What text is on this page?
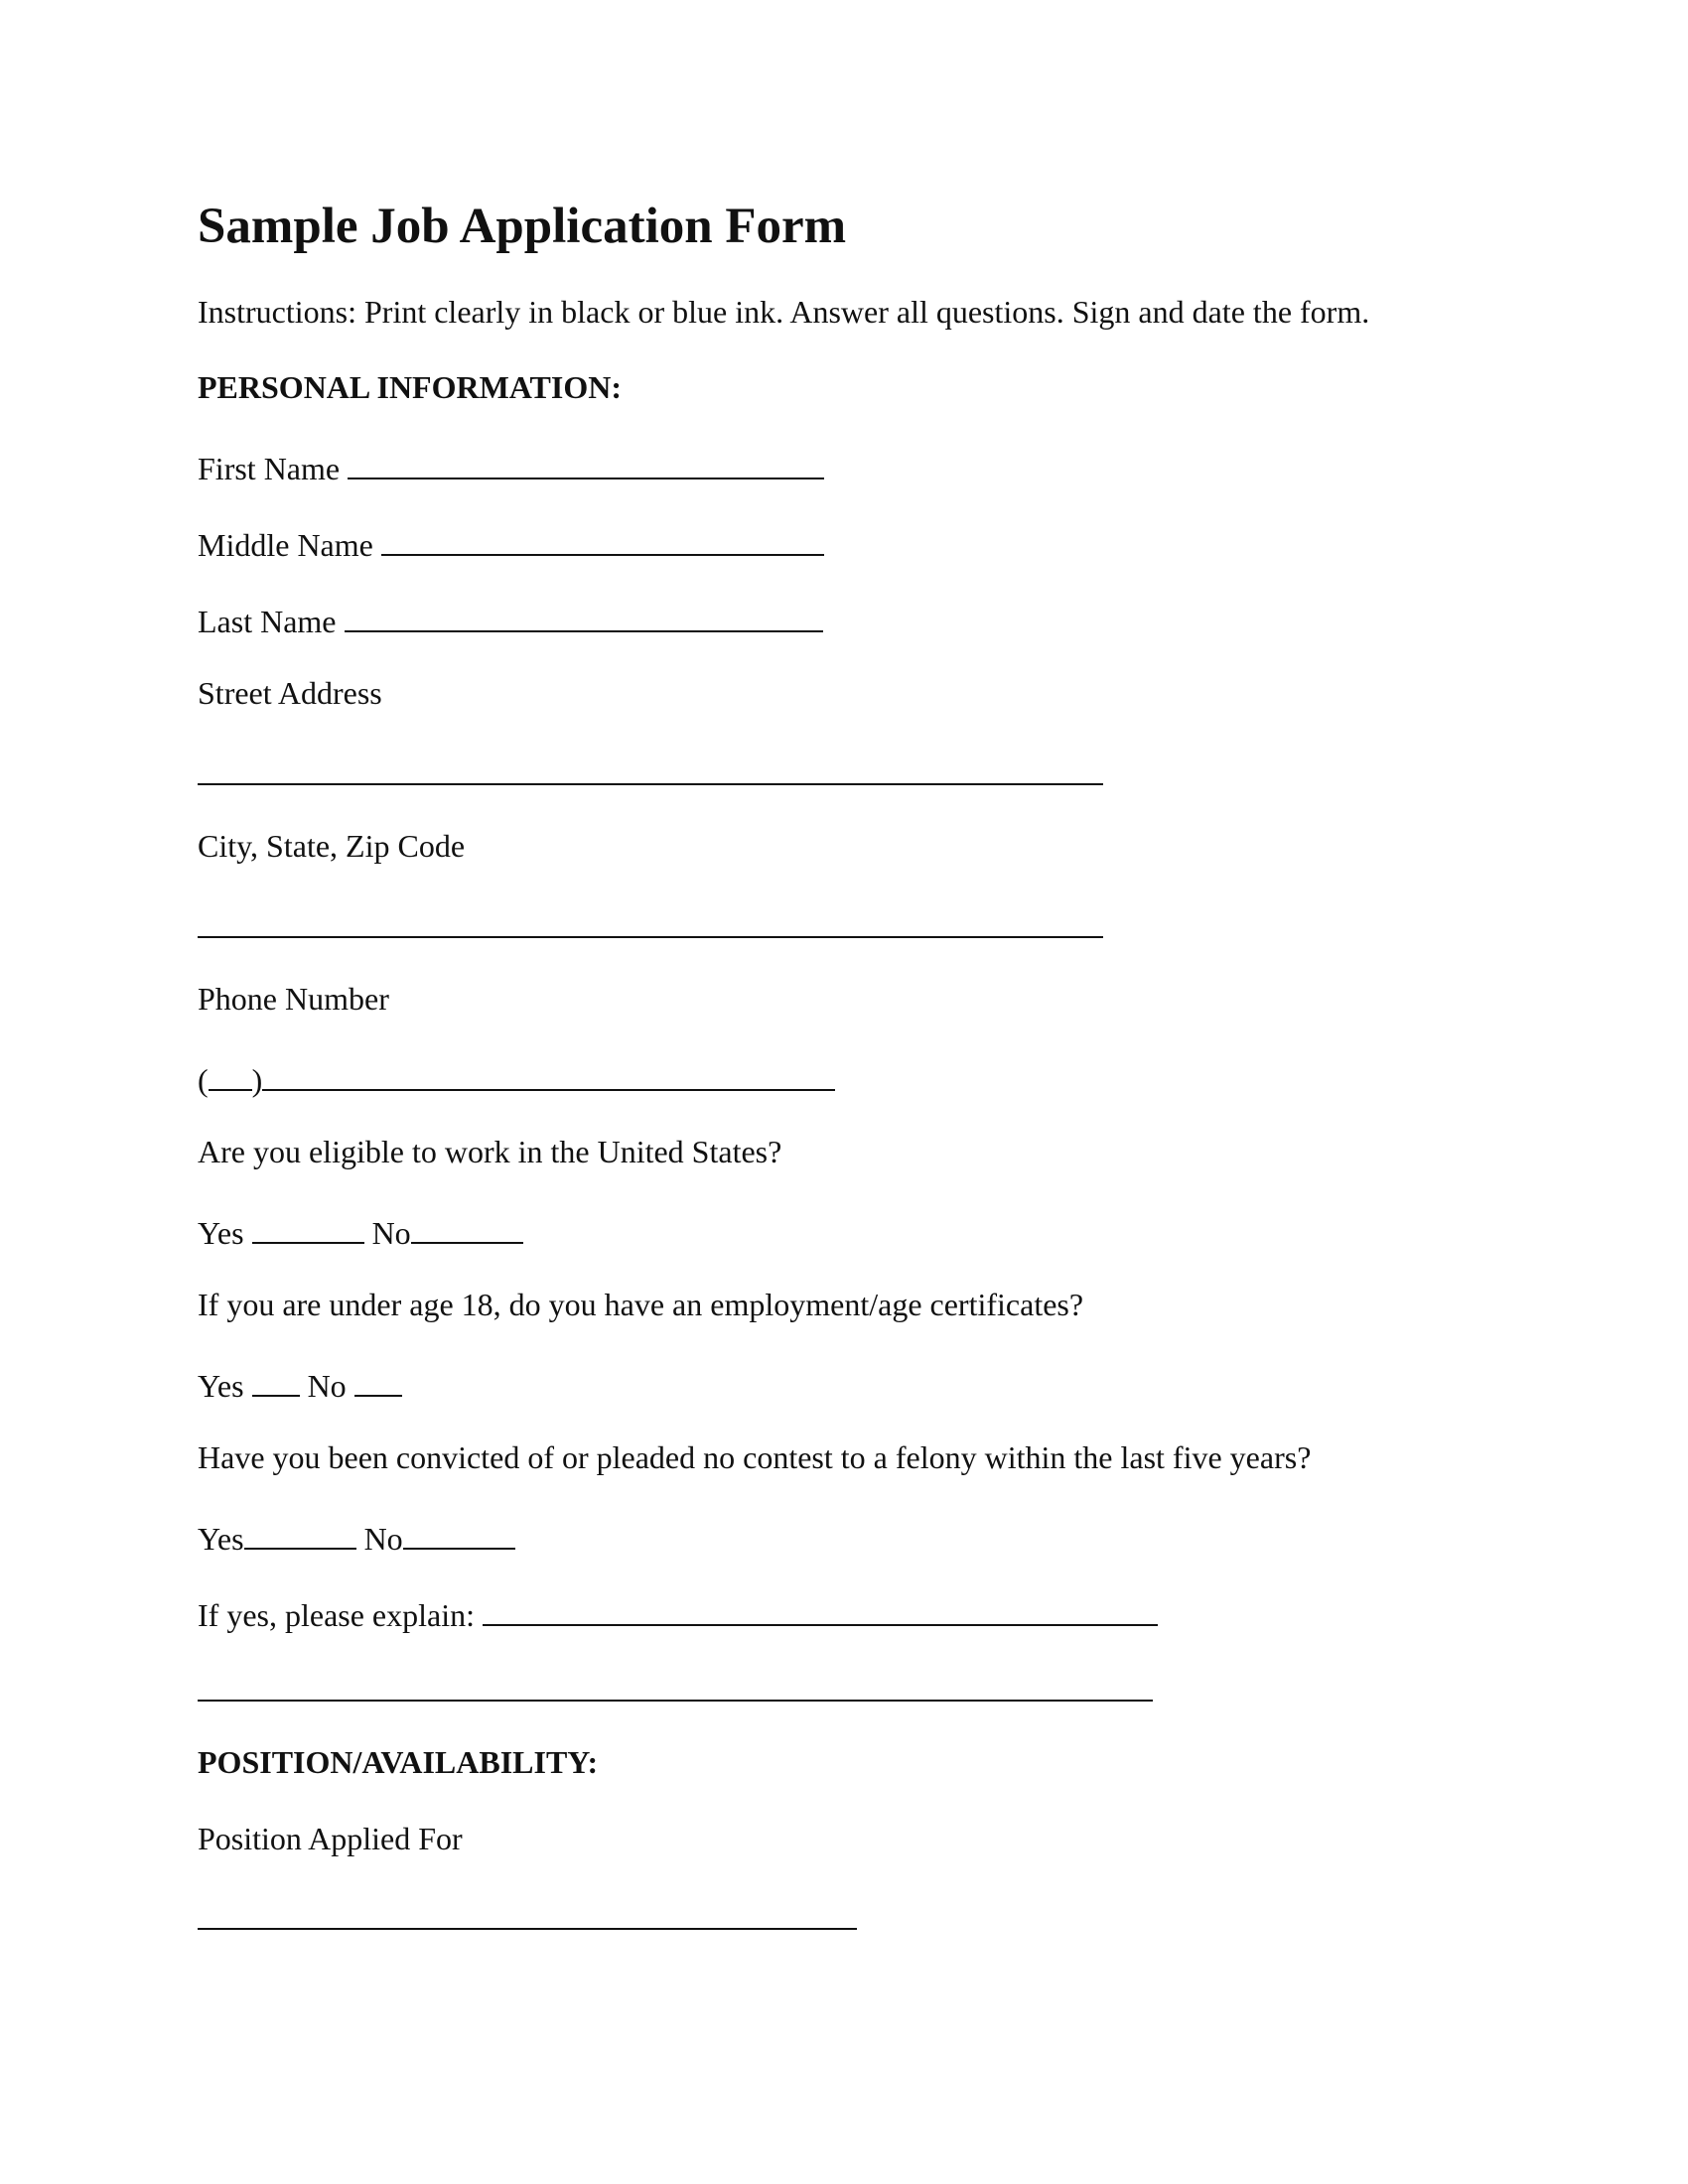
Sample Job Application Form

Instructions: Print clearly in black or blue ink. Answer all questions. Sign and date the form.

PERSONAL INFORMATION:

First Name

Middle Name

Last Name

Street Address

City, State, Zip Code

Phone Number

( )

Are you eligible to work in the United States?

Yes	No

If you are under age 18, do you have an employment/age certificates?

Yes No

Have you been convicted of or pleaded no contest to a felony within the last five years?

Yes	No

If yes, please explain:

POSITION/AVAILABILITY:

Position Applied For
